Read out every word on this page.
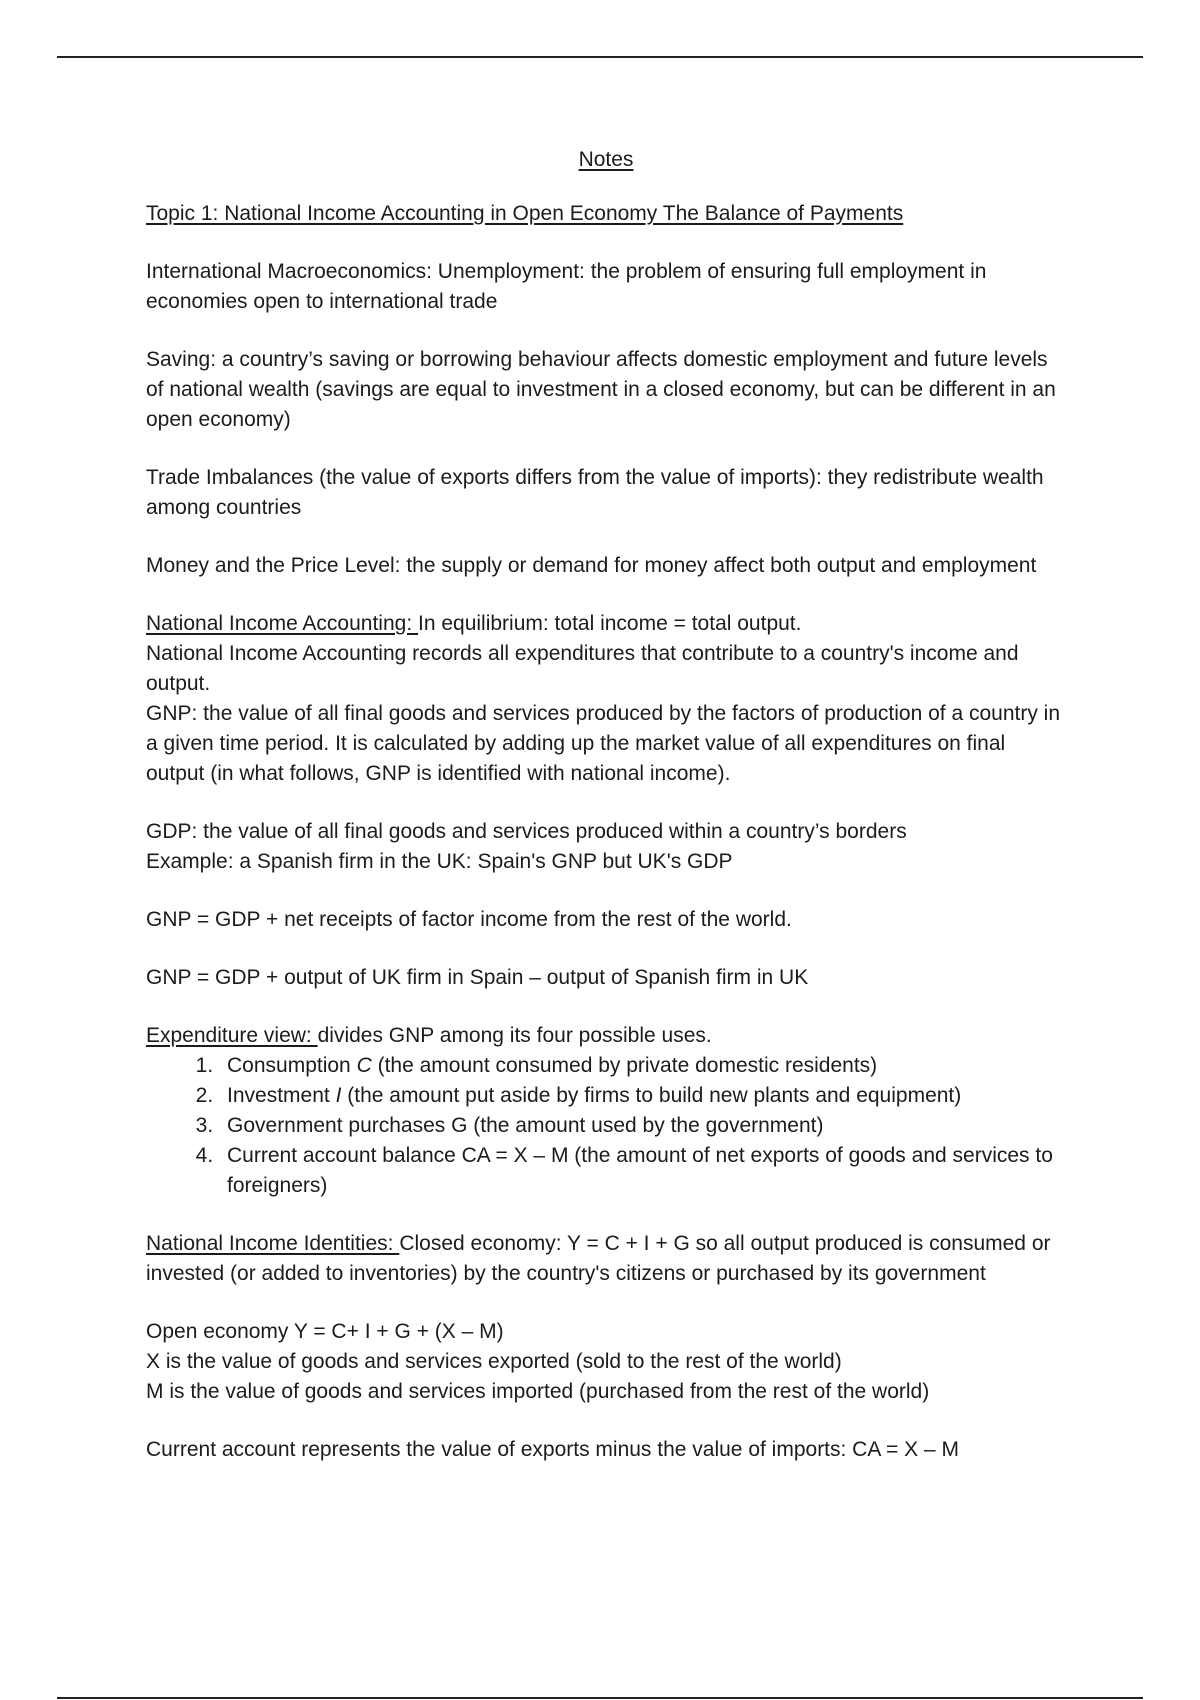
Notes

Topic 1: National Income Accounting in Open Economy The Balance of Payments

International Macroeconomics: Unemployment: the problem of ensuring full employment in economies open to international trade

Saving: a country’s saving or borrowing behaviour affects domestic employment and future levels of national wealth (savings are equal to investment in a closed economy, but can be different in an open economy)

Trade Imbalances (the value of exports differs from the value of imports): they redistribute wealth among countries

Money and the Price Level: the supply or demand for money affect both output and employment

National Income Accounting: In equilibrium: total income = total output.

National Income Accounting records all expenditures that contribute to a country's income and output.

GNP: the value of all final goods and services produced by the factors of production of a country in a given time period. It is calculated by adding up the market value of all expenditures on final output (in what follows, GNP is identified with national income).

GDP: the value of all final goods and services produced within a country’s borders

Example: a Spanish firm in the UK: Spain's GNP but UK's GDP

GNP = GDP + net receipts of factor income from the rest of the world.

GNP = GDP + output of UK firm in Spain – output of Spanish firm in UK

Expenditure view: divides GNP among its four possible uses.

1. Consumption C (the amount consumed by private domestic residents)
2. Investment I (the amount put aside by firms to build new plants and equipment)
3. Government purchases G (the amount used by the government)
4. Current account balance CA = X – M (the amount of net exports of goods and services to foreigners)

National Income Identities: Closed economy: Y = C + I + G so all output produced is consumed or invested (or added to inventories) by the country's citizens or purchased by its government

Open economy Y = C+ I + G + (X – M)

X is the value of goods and services exported (sold to the rest of the world)

M is the value of goods and services imported (purchased from the rest of the world)

Current account represents the value of exports minus the value of imports: CA = X – M
